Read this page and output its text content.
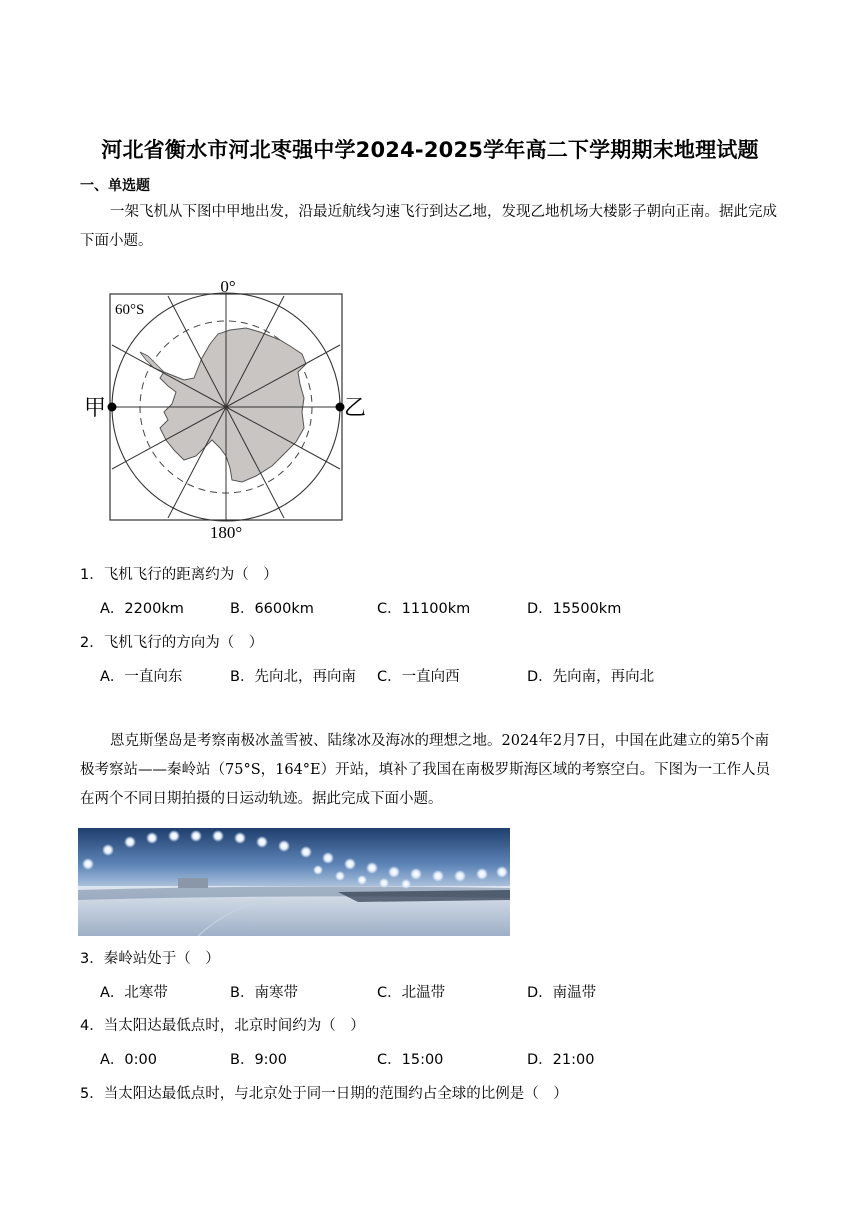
河北省衡水市河北枣强中学2024-2025学年高二下学期期末地理试题
一、单选题
一架飞机从下图中甲地出发，沿最近航线匀速飞行到达乙地，发现乙地机场大楼影子朝向正南。据此完成下面小题。
0°
180°
60°S
甲	乙
1．飞机飞行的距离约为（　）
A．2200km	B．6600km	C．11100km	D．15500km
2．飞机飞行的方向为（　）
A．一直向东	B．先向北，再向南 C．一直向西	D．先向南，再向北
恩克斯堡岛是考察南极冰盖雪被、陆缘冰及海冰的理想之地。2024年2月7日，中国在此建立的第5个南极考察站——秦岭站（75°S，164°E）开站，填补了我国在南极罗斯海区域的考察空白。下图为一工作人员在两个不同日期拍摄的日运动轨迹。据此完成下面小题。
3．秦岭站处于（　）
A．北寒带	B．南寒带	C．北温带	D．南温带
4．当太阳达最低点时，北京时间约为（　）
A．0:00	B．9:00	C．15:00	D．21:00
5．当太阳达最低点时，与北京处于同一日期的范围约占全球的比例是（　）
